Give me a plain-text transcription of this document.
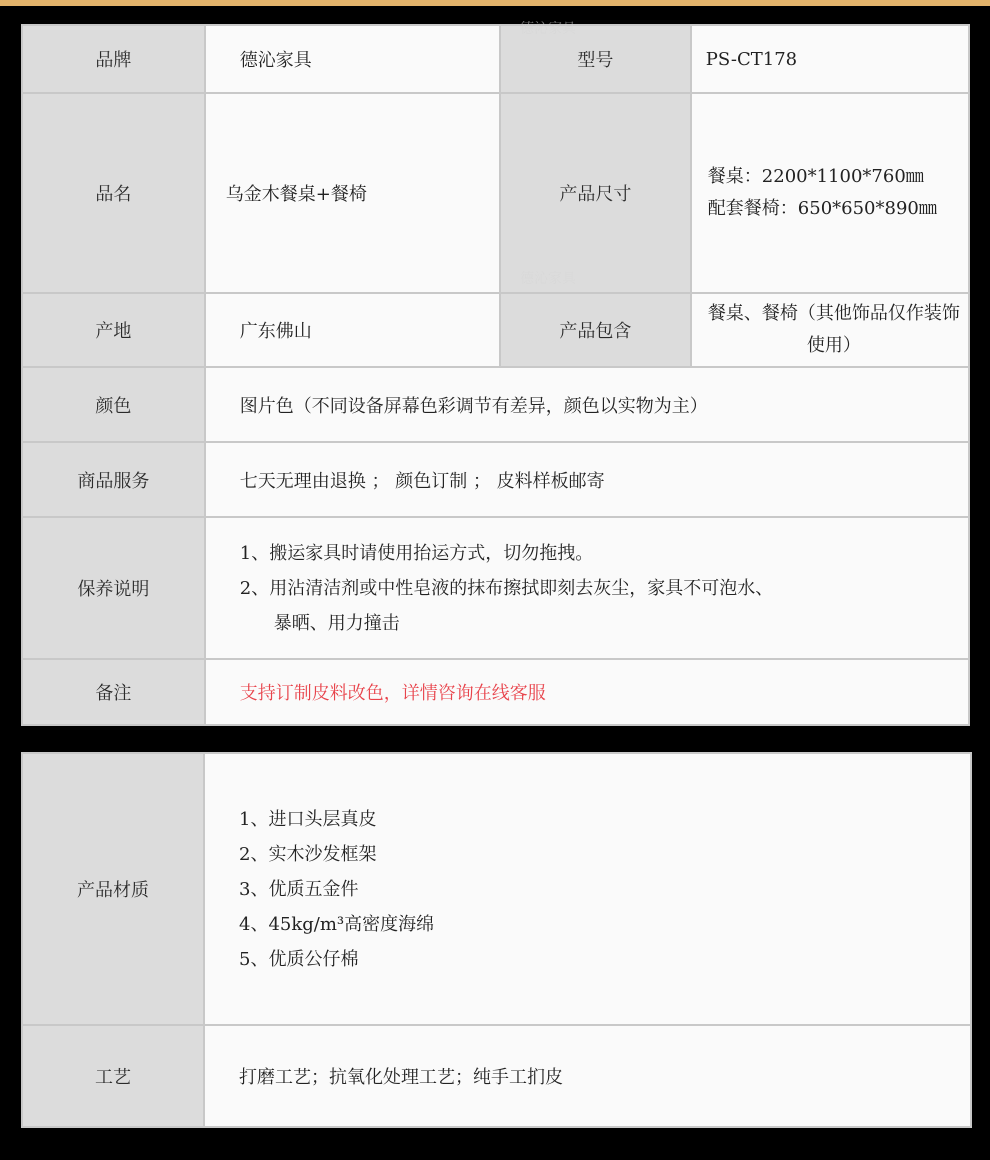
品牌	德沁家具	型号	PS-CT178
品名	乌金木餐桌+餐椅	产品尺寸	餐桌：2200*1100*760㎜
配套餐椅：650*650*890㎜

产地	广东佛山	产品包含	餐桌、餐椅（其他饰品仅作装饰
使用）

颜色	图片色（不同设备屏幕色彩调节有差异，颜色以实物为主）		
商品服务	七天无理由退换 ； 颜色订制 ； 皮料样板邮寄		
保养说明	1、搬运家具时请使用抬运方式，切勿拖拽。
2、用沾清洁剂或中性皂液的抹布擦拭即刻去灰尘，家具不可泡水、
暴晒、用力撞击		

备注	支持订制皮料改色，详情咨询在线客服		
德沁家具
德沁家具
产品材质	1、进口头层真皮
2、实木沙发框架
3、优质五金件
4、45kg/m³高密度海绵
5、优质公仔棉

工艺	打磨工艺；抗氧化处理工艺；纯手工扪皮
